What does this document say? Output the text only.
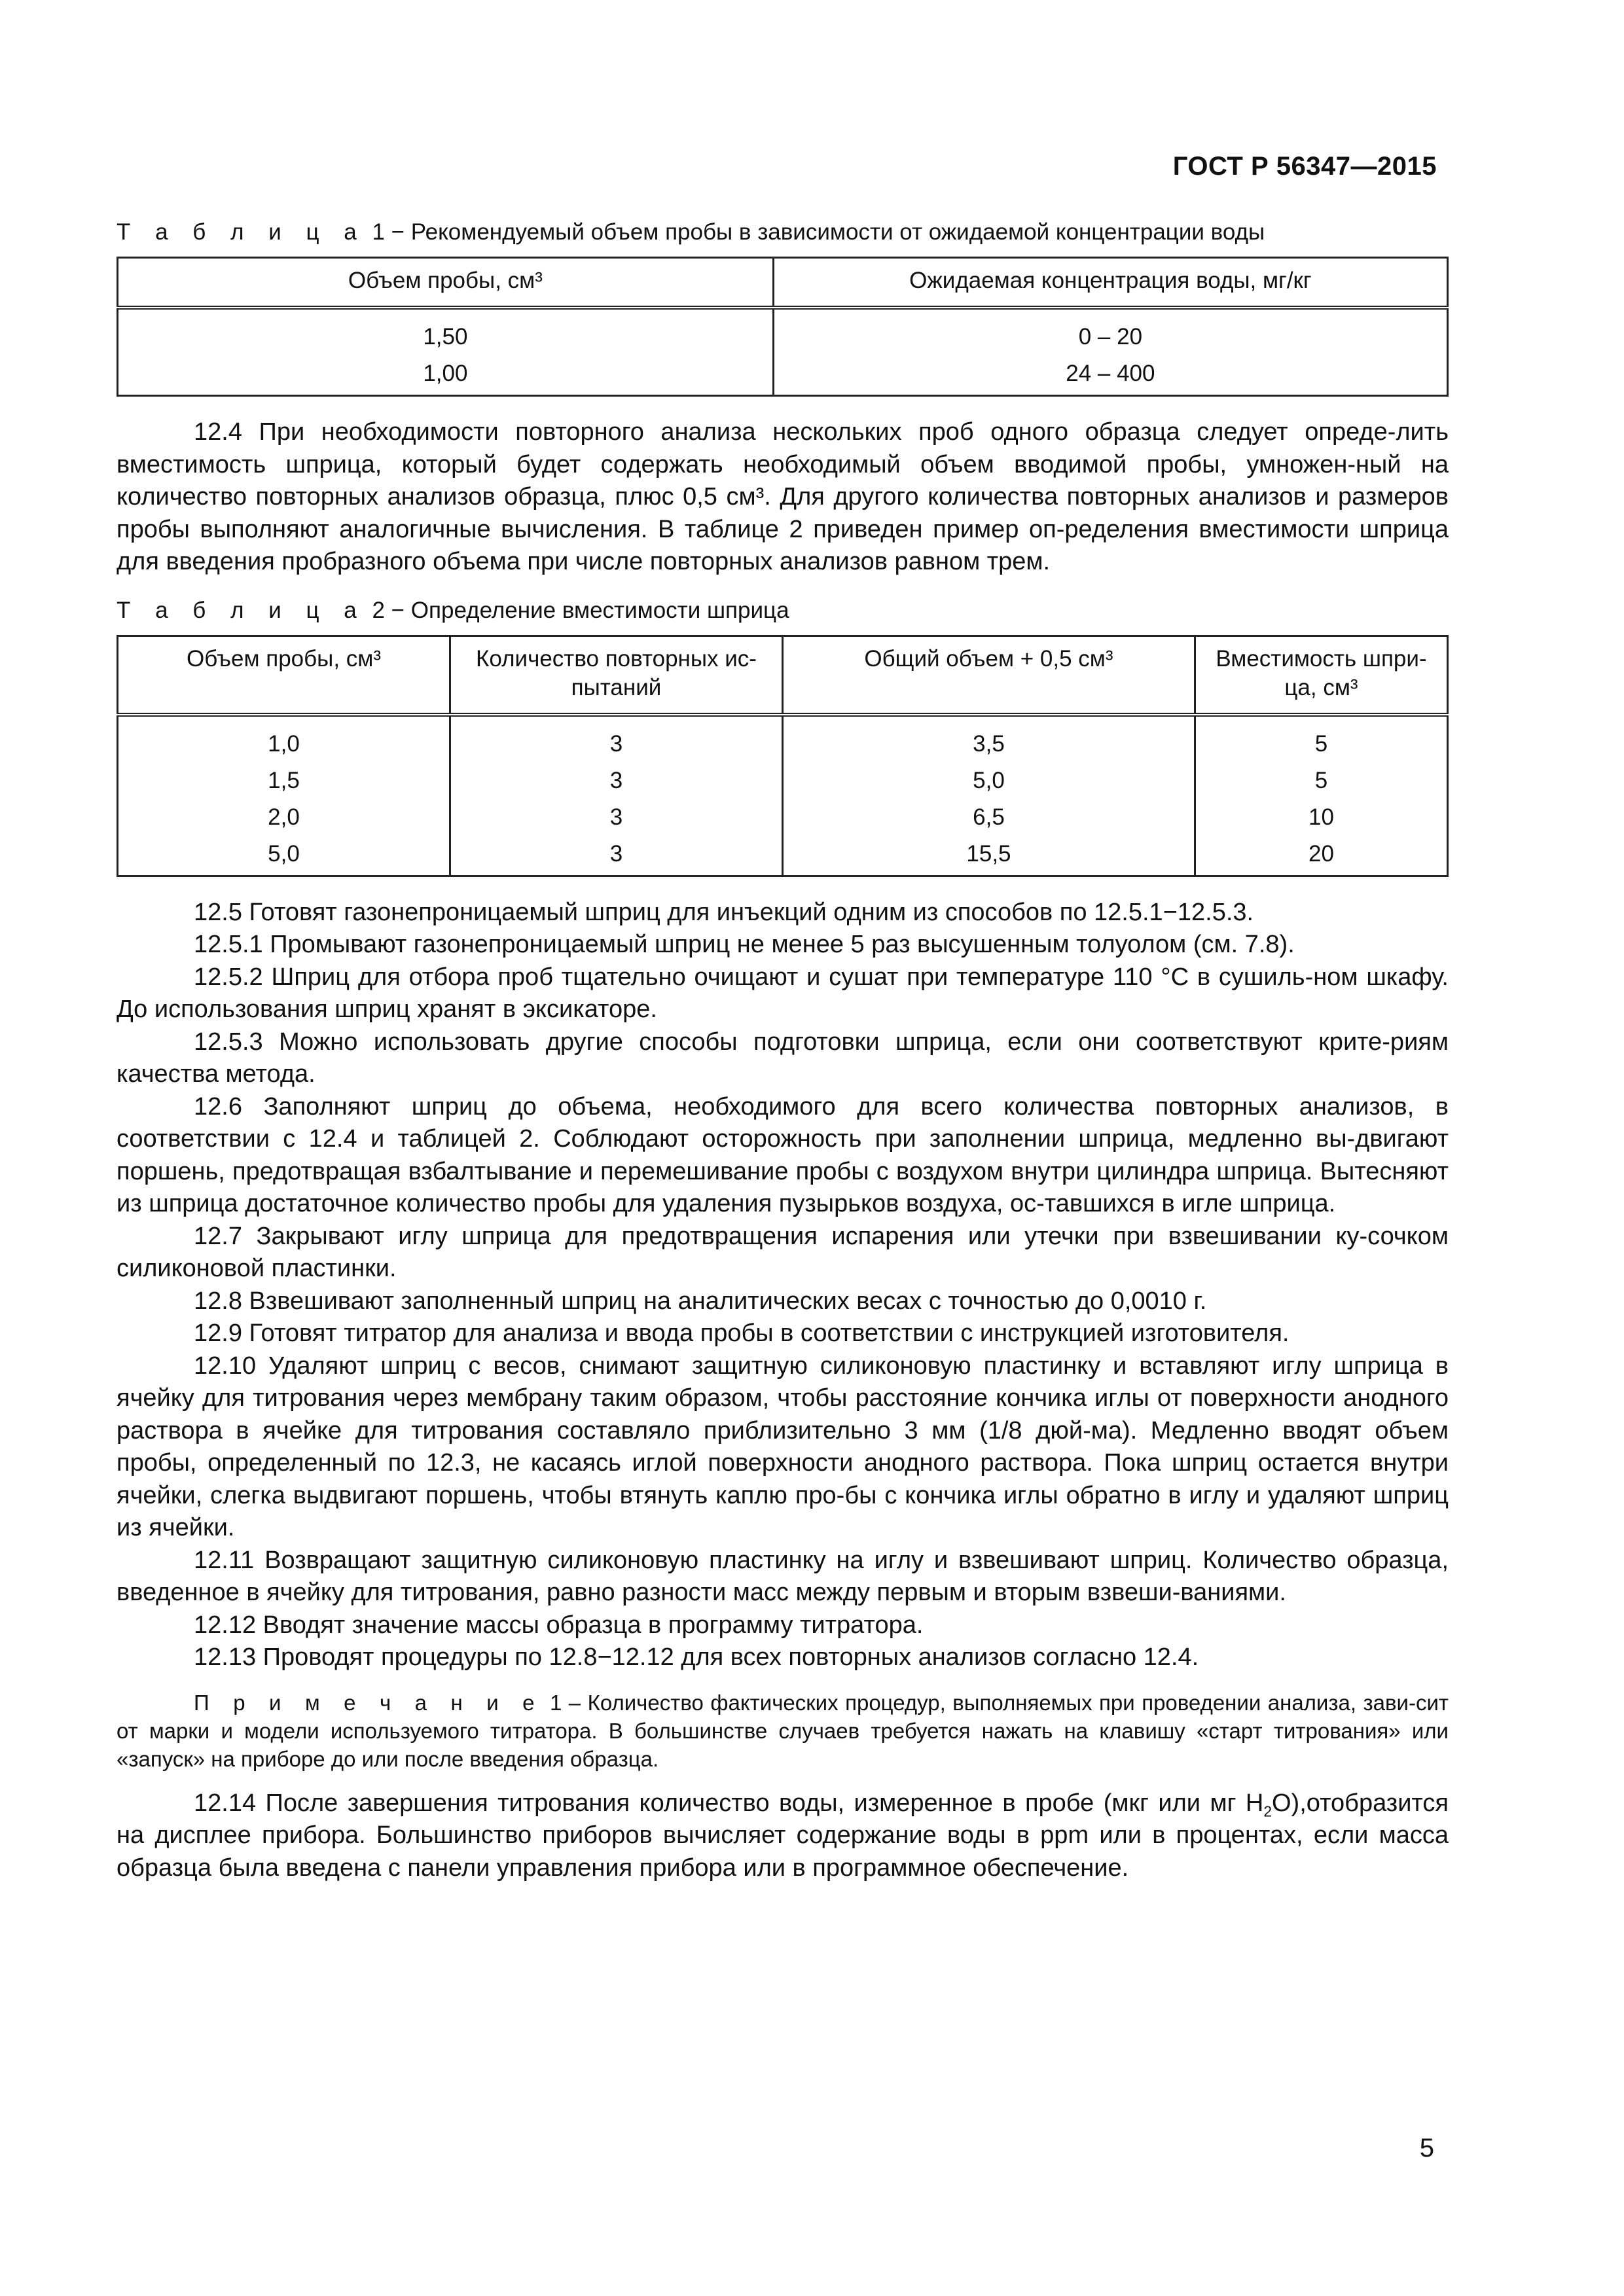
ГОСТ Р 56347—2015
Т а б л и ц а 1 − Рекомендуемый объем пробы в зависимости от ожидаемой концентрации воды
Объем пробы, см³	Ожидаемая концентрация воды, мг/кг
1,50	0 – 20
1,00	24 – 400

12.4 При необходимости повторного анализа нескольких проб одного образца следует опреде-лить вместимость шприца, который будет содержать необходимый объем вводимой пробы, умножен-ный на количество повторных анализов образца, плюс 0,5 см³. Для другого количества повторных анализов и размеров пробы выполняют аналогичные вычисления. В таблице 2 приведен пример оп-ределения вместимости шприца для введения пробразного объема при числе повторных анализов равном трем.

Т а б л и ц а 2 − Определение вместимости шприца
Объем пробы, см³	Количество повторных ис-пытаний	Общий объем + 0,5 см³	Вместимость шпри-ца, см³
1,0	3	3,5	5
1,5	3	5,0	5
2,0	3	6,5	10
5,0	3	15,5	20

12.5 Готовят газонепроницаемый шприц для инъекций одним из способов по 12.5.1−12.5.3.

12.5.1 Промывают газонепроницаемый шприц не менее 5 раз высушенным толуолом (см. 7.8).

12.5.2 Шприц для отбора проб тщательно очищают и сушат при температуре 110 °С в сушиль-ном шкафу. До использования шприц хранят в эксикаторе.

12.5.3 Можно использовать другие способы подготовки шприца, если они соответствуют крите-риям качества метода.

12.6 Заполняют шприц до объема, необходимого для всего количества повторных анализов, в соответствии с 12.4 и таблицей 2. Соблюдают осторожность при заполнении шприца, медленно вы-двигают поршень, предотвращая взбалтывание и перемешивание пробы с воздухом внутри цилиндра шприца. Вытесняют из шприца достаточное количество пробы для удаления пузырьков воздуха, ос-тавшихся в игле шприца.

12.7 Закрывают иглу шприца для предотвращения испарения или утечки при взвешивании ку-сочком силиконовой пластинки.

12.8 Взвешивают заполненный шприц на аналитических весах с точностью до 0,0010 г.

12.9 Готовят титратор для анализа и ввода пробы в соответствии с инструкцией изготовителя.

12.10 Удаляют шприц с весов, снимают защитную силиконовую пластинку и вставляют иглу шприца в ячейку для титрования через мембрану таким образом, чтобы расстояние кончика иглы от поверхности анодного раствора в ячейке для титрования составляло приблизительно 3 мм (1/8 дюй-ма). Медленно вводят объем пробы, определенный по 12.3, не касаясь иглой поверхности анодного раствора. Пока шприц остается внутри ячейки, слегка выдвигают поршень, чтобы втянуть каплю про-бы с кончика иглы обратно в иглу и удаляют шприц из ячейки.

12.11 Возвращают защитную силиконовую пластинку на иглу и взвешивают шприц. Количество образца, введенное в ячейку для титрования, равно разности масс между первым и вторым взвеши-ваниями.

12.12 Вводят значение массы образца в программу титратора.

12.13 Проводят процедуры по 12.8−12.12 для всех повторных анализов согласно 12.4.

П р и м е ч а н и е 1 – Количество фактических процедур, выполняемых при проведении анализа, зави-сит от марки и модели используемого титратора. В большинстве случаев требуется нажать на клавишу «старт титрования» или «запуск» на приборе до или после введения образца.

12.14 После завершения титрования количество воды, измеренное в пробе (мкг или мг $H_2O),отобразится$ на дисплее прибора. Большинство приборов вычисляет содержание воды в ppm или в процентах, если масса образца была введена с панели управления прибора или в программное обеспечение.

5
